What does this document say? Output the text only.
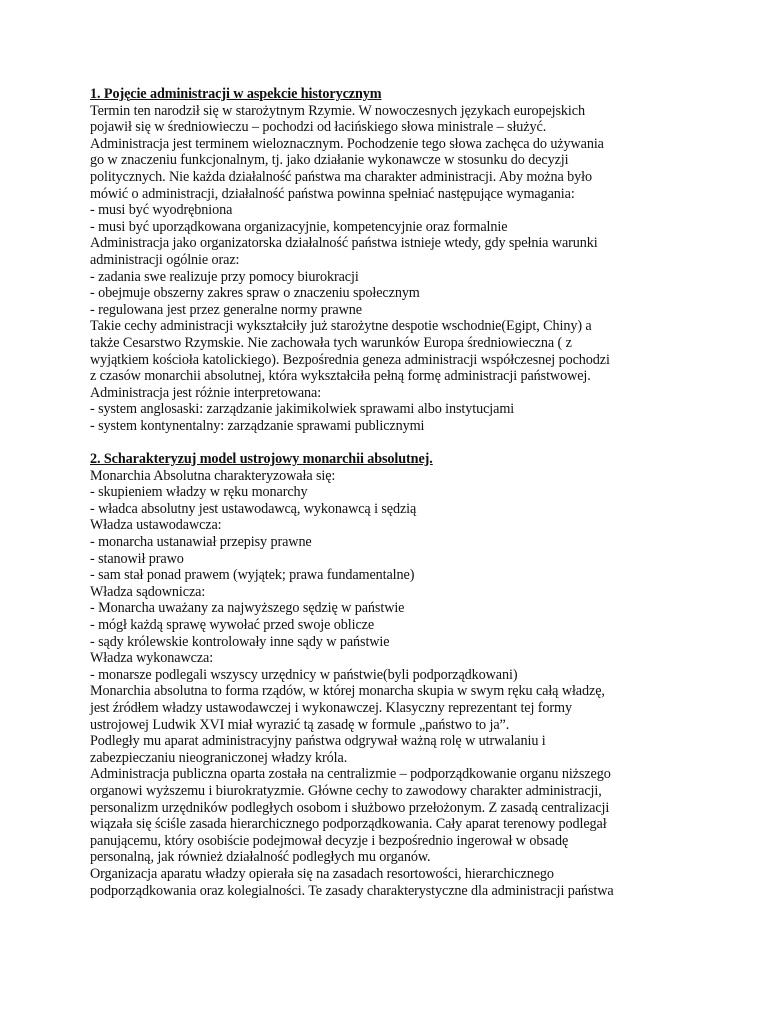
1. Pojęcie administracji w aspekcie historycznym
Termin ten narodził się w starożytnym Rzymie. W nowoczesnych językach europejskich
pojawił się w średniowieczu – pochodzi od łacińskiego słowa ministrale – służyć.
Administracja jest terminem wieloznacznym. Pochodzenie tego słowa zachęca do używania
go w znaczeniu funkcjonalnym, tj. jako działanie wykonawcze w stosunku do decyzji
politycznych. Nie każda działalność państwa ma charakter administracji. Aby można było
mówić o administracji, działalność państwa powinna spełniać następujące wymagania:
- musi być wyodrębniona
- musi być uporządkowana organizacyjnie, kompetencyjnie oraz formalnie
Administracja jako organizatorska działalność państwa istnieje wtedy, gdy spełnia warunki
administracji ogólnie oraz:
- zadania swe realizuje przy pomocy biurokracji
- obejmuje obszerny zakres spraw o znaczeniu społecznym
- regulowana jest przez generalne normy prawne
Takie cechy administracji wykształciły już starożytne despotie wschodnie(Egipt, Chiny) a
także Cesarstwo Rzymskie. Nie zachowała tych warunków Europa średniowieczna ( z
wyjątkiem kościoła katolickiego). Bezpośrednia geneza administracji współczesnej pochodzi
z czasów monarchii absolutnej, która wykształciła pełną formę administracji państwowej.
Administracja jest różnie interpretowana:
- system anglosaski: zarządzanie jakimikolwiek sprawami albo instytucjami
- system kontynentalny: zarządzanie sprawami publicznymi
2. Scharakteryzuj model ustrojowy monarchii absolutnej.
Monarchia Absolutna charakteryzowała się:
- skupieniem władzy w ręku monarchy
- władca absolutny jest ustawodawcą, wykonawcą i sędzią
Władza ustawodawcza:
- monarcha ustanawiał przepisy prawne
- stanowił prawo
- sam stał ponad prawem (wyjątek; prawa fundamentalne)
Władza sądownicza:
- Monarcha uważany za najwyższego sędzię w państwie
- mógł każdą sprawę wywołać przed swoje oblicze
- sądy królewskie kontrolowały inne sądy w państwie
Władza wykonawcza:
- monarsze podlegali wszyscy urzędnicy w państwie(byli podporządkowani)
Monarchia absolutna to forma rządów, w której monarcha skupia w swym ręku całą władzę,
jest źródłem władzy ustawodawczej i wykonawczej. Klasyczny reprezentant tej formy
ustrojowej Ludwik XVI miał wyrazić tą zasadę w formule „państwo to ja”.
Podległy mu aparat administracyjny państwa odgrywał ważną rolę w utrwalaniu i
zabezpieczaniu nieograniczonej władzy króla.
Administracja publiczna oparta została na centralizmie – podporządkowanie organu niższego
organowi wyższemu i biurokratyzmie. Główne cechy to zawodowy charakter administracji,
personalizm urzędników podległych osobom i służbowo przełożonym. Z zasadą centralizacji
wiązała się ściśle zasada hierarchicznego podporządkowania. Cały aparat terenowy podlegał
panującemu, który osobiście podejmował decyzje i bezpośrednio ingerował w obsadę
personalną, jak również działalność podległych mu organów.
Organizacja aparatu władzy opierała się na zasadach resortowości, hierarchicznego
podporządkowania oraz kolegialności. Te zasady charakterystyczne dla administracji państwa
